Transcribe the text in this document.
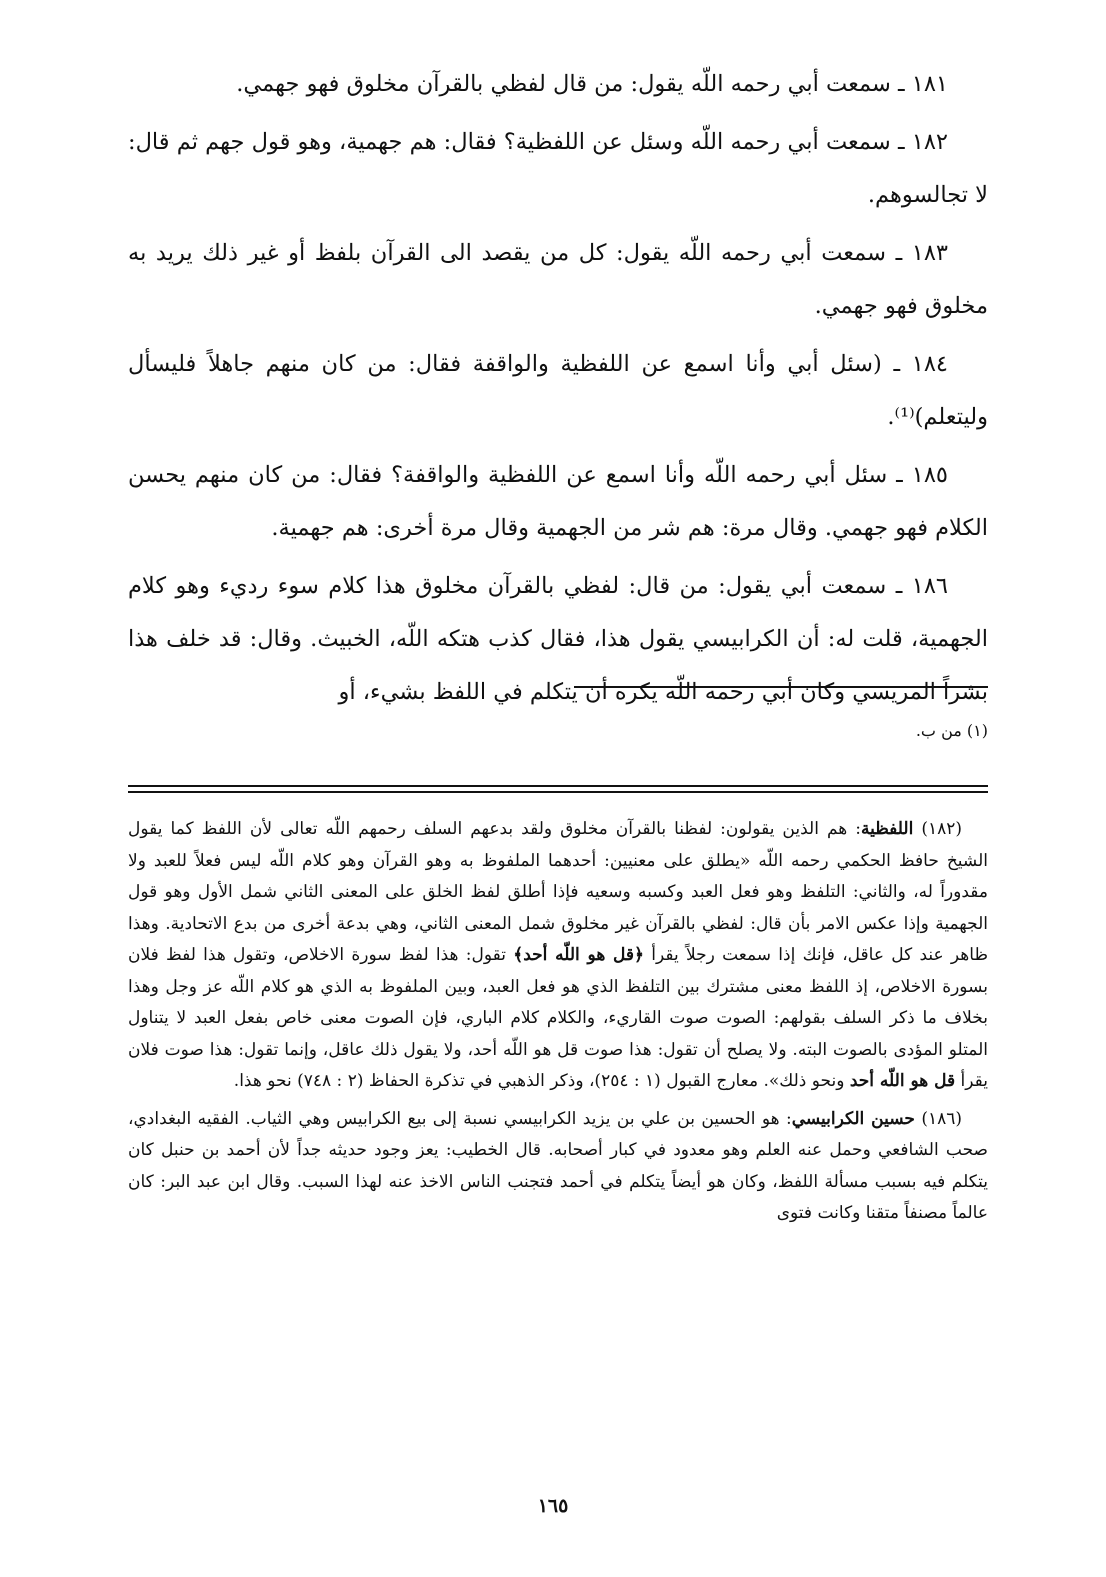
١٨١ ـ سمعت أبي رحمه اللّه يقول: من قال لفظي بالقرآن مخلوق فهو جهمي.

١٨٢ ـ سمعت أبي رحمه اللّه وسئل عن اللفظية؟ فقال: هم جهمية، وهو قول جهم ثم قال: لا تجالسوهم.

١٨٣ ـ سمعت أبي رحمه اللّه يقول: كل من يقصد الى القرآن بلفظ أو غير ذلك يريد به مخلوق فهو جهمي.

١٨٤ ـ (سئل أبي وأنا اسمع عن اللفظية والواقفة فقال: من كان منهم جاهلاً فليسأل وليتعلم)⁽¹⁾.

١٨٥ ـ سئل أبي رحمه اللّه وأنا اسمع عن اللفظية والواقفة؟ فقال: من كان منهم يحسن الكلام فهو جهمي. وقال مرة: هم شر من الجهمية وقال مرة أخرى: هم جهمية.

١٨٦ ـ سمعت أبي يقول: من قال: لفظي بالقرآن مخلوق هذا كلام سوء رديء وهو كلام الجهمية، قلت له: أن الكرابيسي يقول هذا، فقال كذب هتكه اللّه، الخبيث. وقال: قد خلف هذا بشراً المريسي وكان أبي رحمه اللّه يكره أن يتكلم في اللفظ بشيء، أو

(١) من ب.

(١٨٢) اللفظية: هم الذين يقولون: لفظنا بالقرآن مخلوق ولقد بدعهم السلف رحمهم اللّه تعالى لأن اللفظ كما يقول الشيخ حافظ الحكمي رحمه اللّه «يطلق على معنيين: أحدهما الملفوظ به وهو القرآن وهو كلام اللّه ليس فعلاً للعبد ولا مقدوراً له، والثاني: التلفظ وهو فعل العبد وكسبه وسعيه فإذا أطلق لفظ الخلق على المعنى الثاني شمل الأول وهو قول الجهمية وإذا عكس الامر بأن قال: لفظي بالقرآن غير مخلوق شمل المعنى الثاني، وهي بدعة أخرى من بدع الاتحادية. وهذا ظاهر عند كل عاقل، فإنك إذا سمعت رجلاً يقرأ ﴿قل هو اللّه أحد﴾ تقول: هذا لفظ سورة الاخلاص، وتقول هذا لفظ فلان بسورة الاخلاص، إذ اللفظ معنى مشترك بين التلفظ الذي هو فعل العبد، وبين الملفوظ به الذي هو كلام اللّه عز وجل وهذا بخلاف ما ذكر السلف بقولهم: الصوت صوت القاريء، والكلام كلام الباري، فإن الصوت معنى خاص بفعل العبد لا يتناول المتلو المؤدى بالصوت البته. ولا يصلح أن تقول: هذا صوت قل هو اللّه أحد، ولا يقول ذلك عاقل، وإنما تقول: هذا صوت فلان يقرأ قل هو اللّه أحد ونحو ذلك». معارج القبول (١ : ٢٥٤)، وذكر الذهبي في تذكرة الحفاظ (٢ : ٧٤٨) نحو هذا.

(١٨٦) حسين الكرابيسي: هو الحسين بن علي بن يزيد الكرابيسي نسبة إلى بيع الكرابيس وهي الثياب. الفقيه البغدادي، صحب الشافعي وحمل عنه العلم وهو معدود في كبار أصحابه. قال الخطيب: يعز وجود حديثه جداً لأن أحمد بن حنبل كان يتكلم فيه بسبب مسألة اللفظ، وكان هو أيضاً يتكلم في أحمد فتجنب الناس الاخذ عنه لهذا السبب. وقال ابن عبد البر: كان عالماً مصنفاً متقنا وكانت فتوى

١٦٥
